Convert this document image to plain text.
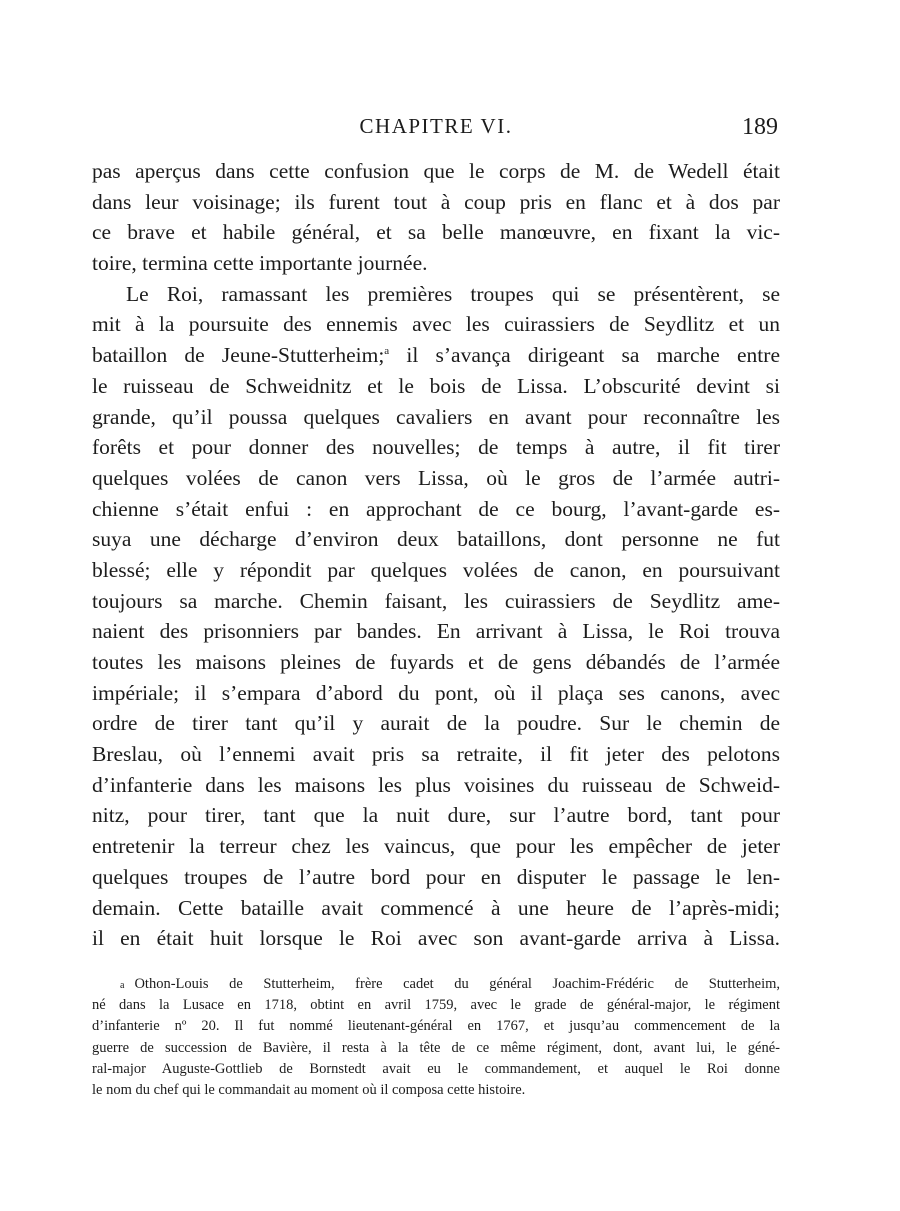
CHAPITRE VI.	189
pas aperçus dans cette confusion que le corps de M. de Wedell était
dans leur voisinage; ils furent tout à coup pris en flanc et à dos par
ce brave et habile général, et sa belle manœuvre, en fixant la vic-
toire, termina cette importante journée.
Le Roi, ramassant les premières troupes qui se présentèrent, se
mit à la poursuite des ennemis avec les cuirassiers de Seydlitz et un
bataillon de Jeune-Stutterheim;$^a$ il s’avança dirigeant sa marche entre
le ruisseau de Schweidnitz et le bois de Lissa. L’obscurité devint si
grande, qu’il poussa quelques cavaliers en avant pour reconnaître les
forêts et pour donner des nouvelles; de temps à autre, il fit tirer
quelques volées de canon vers Lissa, où le gros de l’armée autri-
chienne s’était enfui : en approchant de ce bourg, l’avant-garde es-
suya une décharge d’environ deux bataillons, dont personne ne fut
blessé; elle y répondit par quelques volées de canon, en poursuivant
toujours sa marche. Chemin faisant, les cuirassiers de Seydlitz ame-
naient des prisonniers par bandes. En arrivant à Lissa, le Roi trouva
toutes les maisons pleines de fuyards et de gens débandés de l’armée
impériale; il s’empara d’abord du pont, où il plaça ses canons, avec
ordre de tirer tant qu’il y aurait de la poudre. Sur le chemin de
Breslau, où l’ennemi avait pris sa retraite, il fit jeter des pelotons
d’infanterie dans les maisons les plus voisines du ruisseau de Schweid-
nitz, pour tirer, tant que la nuit dure, sur l’autre bord, tant pour
entretenir la terreur chez les vaincus, que pour les empêcher de jeter
quelques troupes de l’autre bord pour en disputer le passage le len-
demain. Cette bataille avait commencé à une heure de l’après-midi;
il en était huit lorsque le Roi avec son avant-garde arriva à Lissa.
a Othon-Louis de Stutterheim, frère cadet du général Joachim-Frédéric de Stutterheim,
né dans la Lusace en 1718, obtint en avril 1759, avec le grade de général-major, le régiment
d’infanterie nº 20. Il fut nommé lieutenant-général en 1767, et jusqu’au commencement de la
guerre de succession de Bavière, il resta à la tête de ce même régiment, dont, avant lui, le géné-
ral-major Auguste-Gottlieb de Bornstedt avait eu le commandement, et auquel le Roi donne
le nom du chef qui le commandait au moment où il composa cette histoire.
